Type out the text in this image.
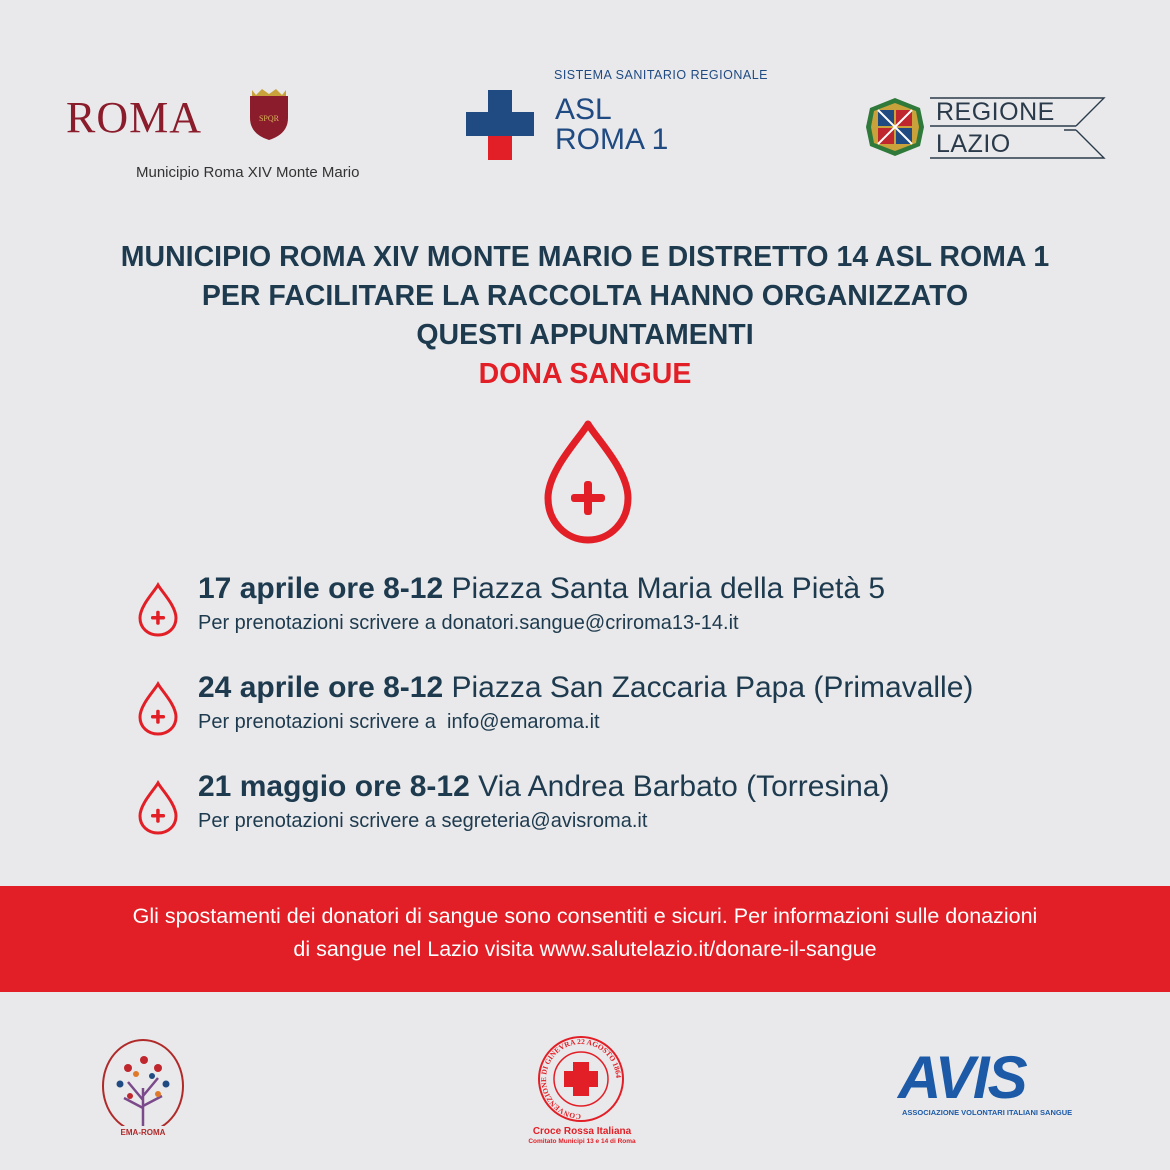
ROMA	SPQR
Municipio Roma XIV Monte Mario
SISTEMA SANITARIO REGIONALE
ASL
ROMA 1
REGIONE
LAZIO
MUNICIPIO ROMA XIV MONTE MARIO E DISTRETTO 14 ASL ROMA 1
PER FACILITARE LA RACCOLTA HANNO ORGANIZZATO
QUESTI APPUNTAMENTI
DONA SANGUE
17 aprile ore 8-12 Piazza Santa Maria della Pietà 5
Per prenotazioni scrivere a donatori.sangue@criroma13-14.it
24 aprile ore 8-12 Piazza San Zaccaria Papa (Primavalle)
Per prenotazioni scrivere a info@emaroma.it
21 maggio ore 8-12 Via Andrea Barbato (Torresina)
Per prenotazioni scrivere a segreteria@avisroma.it
Gli spostamenti dei donatori di sangue sono consentiti e sicuri. Per informazioni sulle donazioni
di sangue nel Lazio visita www.salutelazio.it/donare-il-sangue
EMA-ROMA
CONVENZIONE DI GINEVRA 22 AGOSTO 1864
Croce Rossa Italiana
Comitato Municipi 13 e 14 di Roma
AVIS
ASSOCIAZIONE VOLONTARI ITALIANI SANGUE
